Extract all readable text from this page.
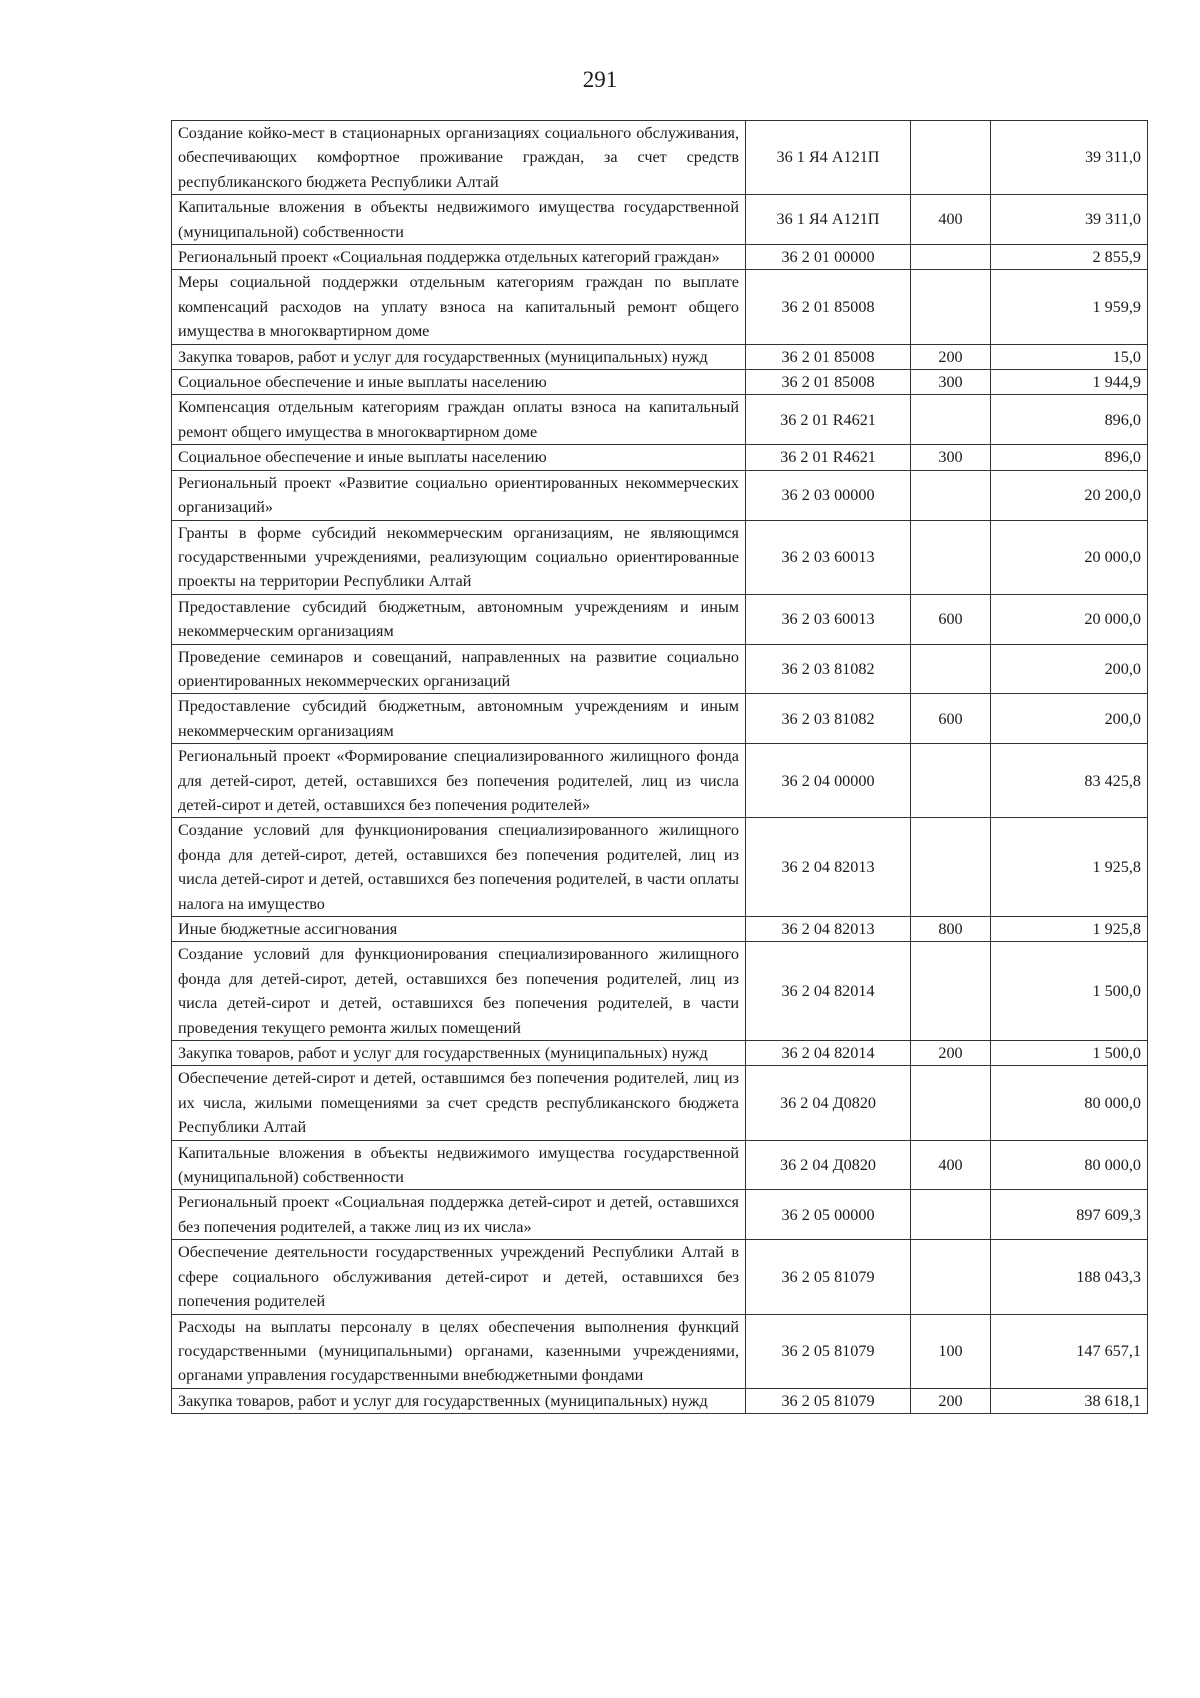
291
Создание койко-мест в стационарных организациях социального обслуживания, обеспечивающих комфортное проживание граждан, за счет средств республиканского бюджета Республики Алтай	36 1 Я4 А121П		39 311,0
Капитальные вложения в объекты недвижимого имущества государственной (муниципальной) собственности	36 1 Я4 А121П	400	39 311,0
Региональный проект «Социальная поддержка отдельных категорий граждан»	36 2 01 00000		2 855,9
Меры социальной поддержки отдельным категориям граждан по выплате компенсаций расходов на уплату взноса на капитальный ремонт общего имущества в многоквартирном доме	36 2 01 85008		1 959,9
Закупка товаров, работ и услуг для государственных (муниципальных) нужд	36 2 01 85008	200	15,0
Социальное обеспечение и иные выплаты населению	36 2 01 85008	300	1 944,9
Компенсация отдельным категориям граждан оплаты взноса на капитальный ремонт общего имущества в многоквартирном доме	36 2 01 R4621		896,0
Социальное обеспечение и иные выплаты населению	36 2 01 R4621	300	896,0
Региональный проект «Развитие социально ориентированных некоммерческих организаций»	36 2 03 00000		20 200,0
Гранты в форме субсидий некоммерческим организациям, не являющимся государственными учреждениями, реализующим социально ориентированные проекты на территории Республики Алтай	36 2 03 60013		20 000,0
Предоставление субсидий бюджетным, автономным учреждениям и иным некоммерческим организациям	36 2 03 60013	600	20 000,0
Проведение семинаров и совещаний, направленных на развитие социально ориентированных некоммерческих организаций	36 2 03 81082		200,0
Предоставление субсидий бюджетным, автономным учреждениям и иным некоммерческим организациям	36 2 03 81082	600	200,0
Региональный проект «Формирование специализированного жилищного фонда для детей-сирот, детей, оставшихся без попечения родителей, лиц из числа детей-сирот и детей, оставшихся без попечения родителей»	36 2 04 00000		83 425,8
Создание условий для функционирования специализированного жилищного фонда для детей-сирот, детей, оставшихся без попечения родителей, лиц из числа детей-сирот и детей, оставшихся без попечения родителей, в части оплаты налога на имущество	36 2 04 82013		1 925,8
Иные бюджетные ассигнования	36 2 04 82013	800	1 925,8
Создание условий для функционирования специализированного жилищного фонда для детей-сирот, детей, оставшихся без попечения родителей, лиц из числа детей-сирот и детей, оставшихся без попечения родителей, в части проведения текущего ремонта жилых помещений	36 2 04 82014		1 500,0
Закупка товаров, работ и услуг для государственных (муниципальных) нужд	36 2 04 82014	200	1 500,0
Обеспечение детей-сирот и детей, оставшимся без попечения родителей, лиц из их числа, жилыми помещениями за счет средств республиканского бюджета Республики Алтай	36 2 04 Д0820		80 000,0
Капитальные вложения в объекты недвижимого имущества государственной (муниципальной) собственности	36 2 04 Д0820	400	80 000,0
Региональный проект «Социальная поддержка детей-сирот и детей, оставшихся без попечения родителей, а также лиц из их числа»	36 2 05 00000		897 609,3
Обеспечение деятельности государственных учреждений Республики Алтай в сфере социального обслуживания детей-сирот и детей, оставшихся без попечения родителей	36 2 05 81079		188 043,3
Расходы на выплаты персоналу в целях обеспечения выполнения функций государственными (муниципальными) органами, казенными учреждениями, органами управления государственными внебюджетными фондами	36 2 05 81079	100	147 657,1
Закупка товаров, работ и услуг для государственных (муниципальных) нужд	36 2 05 81079	200	38 618,1
